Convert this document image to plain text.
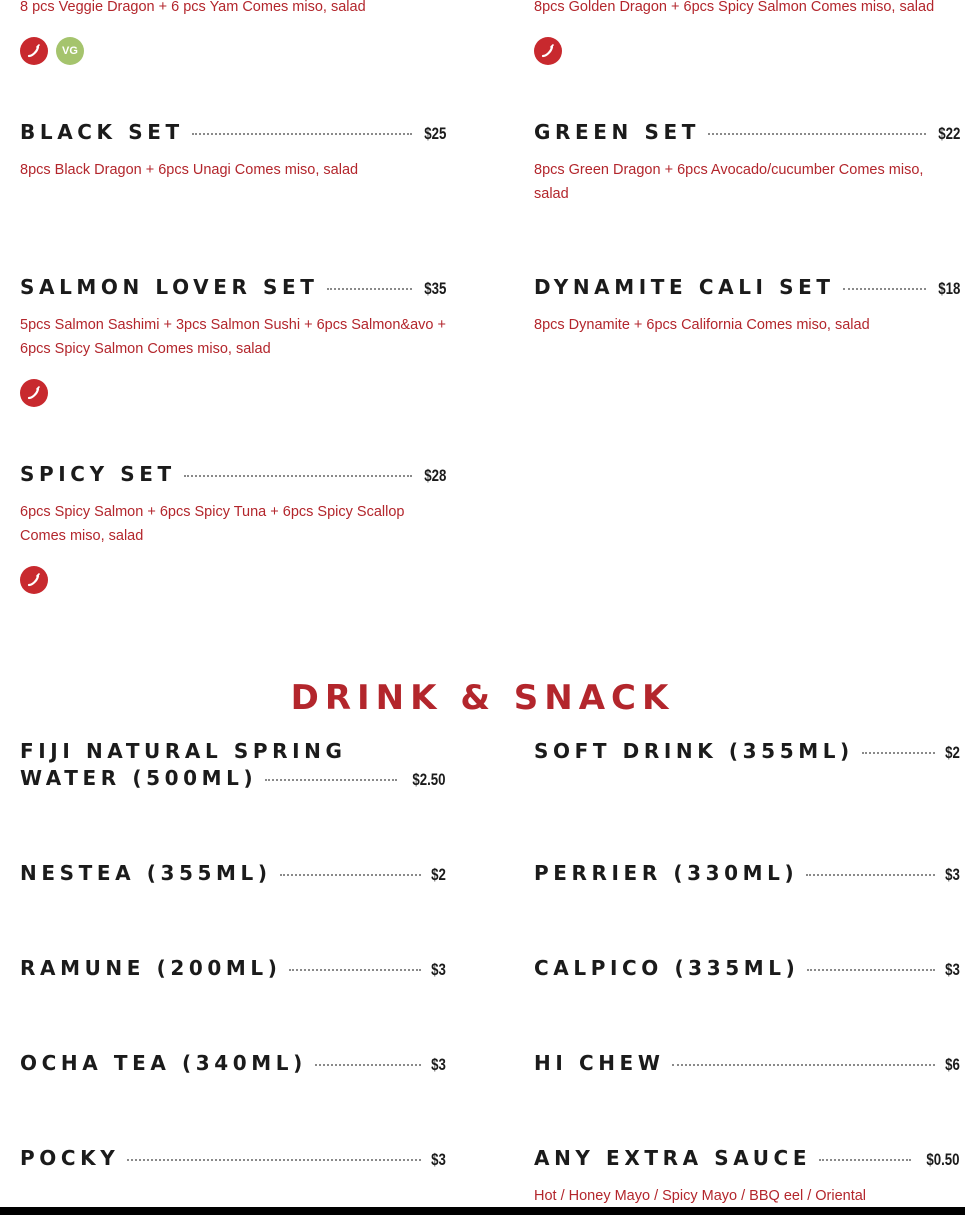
8 pcs Veggie Dragon + 6 pcs Yam Comes miso, salad	8pcs Golden Dragon + 6pcs Spicy Salmon Comes miso, salad

VG
BLACK SET	$25

8pcs Black Dragon + 6pcs Unagi Comes miso, salad

GREEN SET	$22

8pcs Green Dragon + 6pcs Avocado/cucumber Comes miso, salad

SALMON LOVER SET	$35

5pcs Salmon Sashimi + 3pcs Salmon Sushi + 6pcs Salmon&avo + 6pcs Spicy Salmon Comes miso, salad

DYNAMITE CALI SET	$18

8pcs Dynamite + 6pcs California Comes miso, salad

SPICY SET	$28

6pcs Spicy Salmon + 6pcs Spicy Tuna + 6pcs Spicy Scallop Comes miso, salad

DRINK & SNACK
FIJI NATURAL SPRING
WATER (500ML)	$2.50
SOFT DRINK (355ML)	$2
NESTEA (355ML)	$2	PERRIER (330ML)	$3
RAMUNE (200ML)	$3	CALPICO (335ML)	$3
OCHA TEA (340ML)	$3	HI CHEW	$6
POCKY	$3	ANY EXTRA SAUCE	$0.50

Hot / Honey Mayo / Spicy Mayo / BBQ eel / Oriental
